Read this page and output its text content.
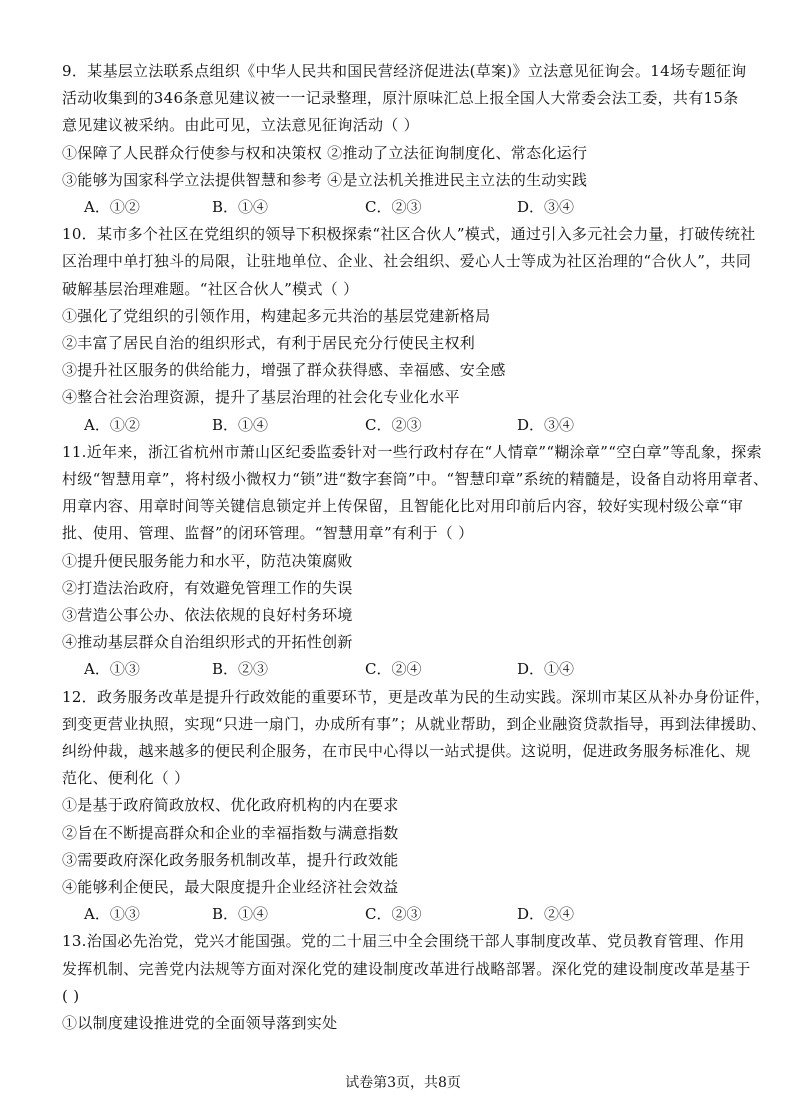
9．某基层立法联系点组织《中华人民共和国民营经济促进法(草案)》立法意见征询会。14场专题征询
活动收集到的346条意见建议被一一记录整理，原汁原味汇总上报全国人大常委会法工委，共有15条
意见建议被采纳。由此可见，立法意见征询活动（ ）
①保障了人民群众行使参与权和决策权 ②推动了立法征询制度化、常态化运行
③能够为国家科学立法提供智慧和参考 ④是立法机关推进民主立法的生动实践
A．①②	B．①④	C．②③	D．③④
10．某市多个社区在党组织的领导下积极探索“社区合伙人”模式，通过引入多元社会力量，打破传统社
区治理中单打独斗的局限，让驻地单位、企业、社会组织、爱心人士等成为社区治理的“合伙人”，共同
破解基层治理难题。“社区合伙人”模式（ ）
①强化了党组织的引领作用，构建起多元共治的基层党建新格局
②丰富了居民自治的组织形式，有利于居民充分行使民主权利
③提升社区服务的供给能力，增强了群众获得感、幸福感、安全感
④整合社会治理资源，提升了基层治理的社会化专业化水平
A．①②	B．①④	C．②③	D．③④
11.近年来，浙江省杭州市萧山区纪委监委针对一些行政村存在“人情章”“糊涂章”“空白章”等乱象，探索
村级“智慧用章”，将村级小微权力“锁”进“数字套筒”中。“智慧印章”系统的精髓是，设备自动将用章者、
用章内容、用章时间等关键信息锁定并上传保留，且智能化比对用印前后内容，较好实现村级公章“审
批、使用、管理、监督”的闭环管理。“智慧用章”有利于（ ）
①提升便民服务能力和水平，防范决策腐败
②打造法治政府，有效避免管理工作的失误
③营造公事公办、依法依规的良好村务环境
④推动基层群众自治组织形式的开拓性创新
A．①③	B．②③	C．②④	D．①④
12．政务服务改革是提升行政效能的重要环节，更是改革为民的生动实践。深圳市某区从补办身份证件，
到变更营业执照，实现“只进一扇门，办成所有事”；从就业帮助，到企业融资贷款指导，再到法律援助、
纠纷仲裁，越来越多的便民利企服务，在市民中心得以一站式提供。这说明，促进政务服务标准化、规
范化、便利化（ ）
①是基于政府简政放权、优化政府机构的内在要求
②旨在不断提高群众和企业的幸福指数与满意指数
③需要政府深化政务服务机制改革，提升行政效能
④能够利企便民，最大限度提升企业经济社会效益
A．①③	B．①④	C．②③	D．②④
13.治国必先治党，党兴才能国强。党的二十届三中全会围绕干部人事制度改革、党员教育管理、作用
发挥机制、完善党内法规等方面对深化党的建设制度改革进行战略部署。深化党的建设制度改革是基于
( )
①以制度建设推进党的全面领导落到实处
试卷第3页，共8页
